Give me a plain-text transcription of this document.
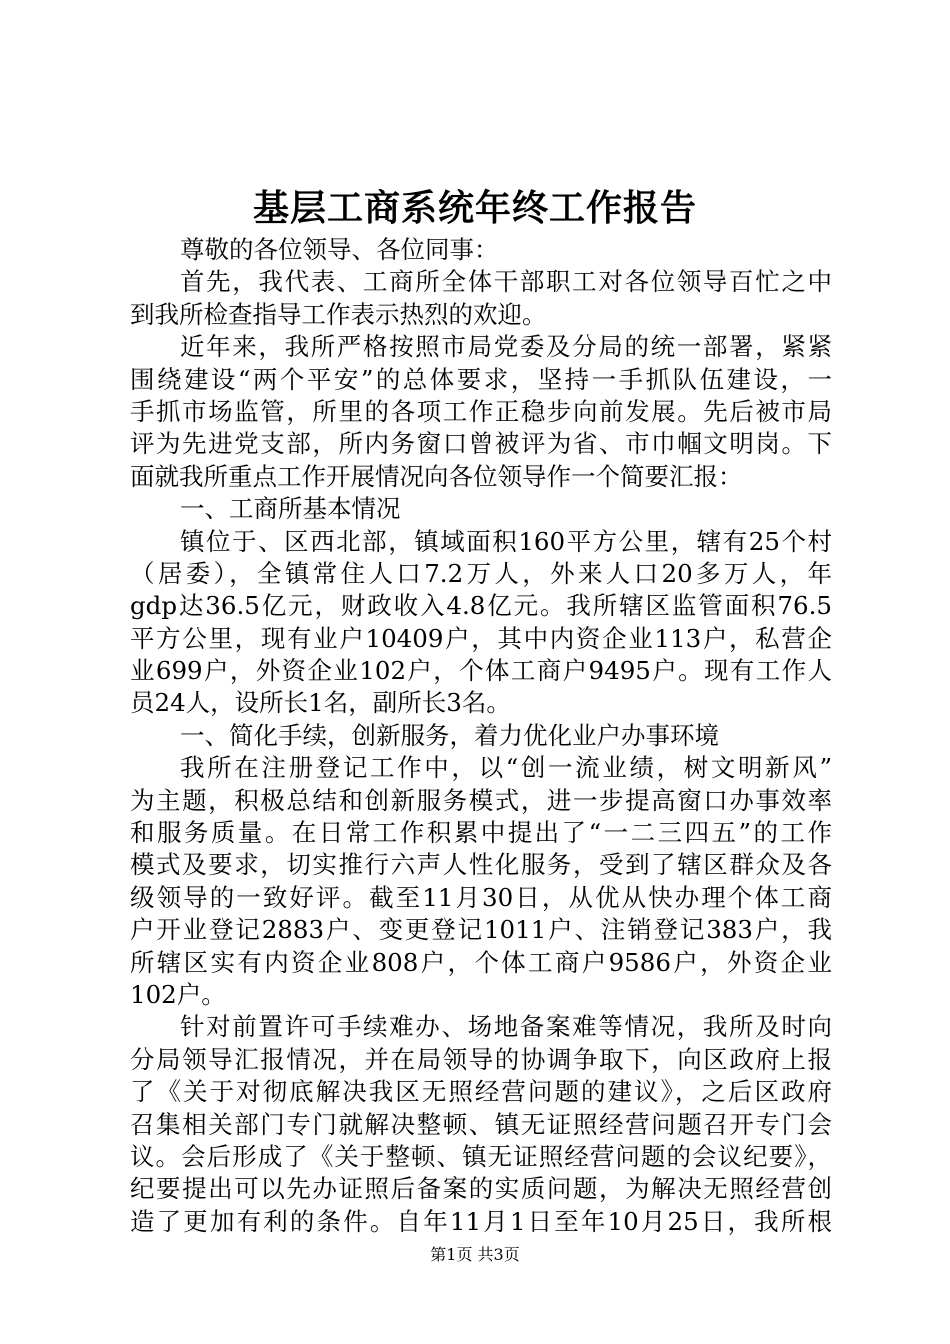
基层工商系统年终工作报告
尊敬的各位领导、各位同事：
首先，我代表、工商所全体干部职工对各位领导百忙之中
到我所检查指导工作表示热烈的欢迎。
近年来，我所严格按照市局党委及分局的统一部署，紧紧
围绕建设“两个平安”的总体要求，坚持一手抓队伍建设，一
手抓市场监管，所里的各项工作正稳步向前发展。先后被市局
评为先进党支部，所内务窗口曾被评为省、市巾帼文明岗。下
面就我所重点工作开展情况向各位领导作一个简要汇报：
一、工商所基本情况
镇位于、区西北部，镇域面积160平方公里，辖有25个村
（居委），全镇常住人口7.2万人，外来人口20多万人，年
gdp达36.5亿元，财政收入4.8亿元。我所辖区监管面积76.5
平方公里，现有业户10409户，其中内资企业113户，私营企
业699户，外资企业102户，个体工商户9495户。现有工作人
员24人，设所长1名，副所长3名。
一、简化手续，创新服务，着力优化业户办事环境
我所在注册登记工作中，以“创一流业绩，树文明新风”
为主题，积极总结和创新服务模式，进一步提高窗口办事效率
和服务质量。在日常工作积累中提出了“一二三四五”的工作
模式及要求，切实推行六声人性化服务，受到了辖区群众及各
级领导的一致好评。截至11月30日，从优从快办理个体工商
户开业登记2883户、变更登记1011户、注销登记383户，我
所辖区实有内资企业808户，个体工商户9586户，外资企业
102户。
针对前置许可手续难办、场地备案难等情况，我所及时向
分局领导汇报情况，并在局领导的协调争取下，向区政府上报
了《关于对彻底解决我区无照经营问题的建议》，之后区政府
召集相关部门专门就解决整顿、镇无证照经营问题召开专门会
议。会后形成了《关于整顿、镇无证照经营问题的会议纪要》，
纪要提出可以先办证照后备案的实质问题，为解决无照经营创
造了更加有利的条件。自年11月1日至年10月25日，我所根
第1页 共3页
